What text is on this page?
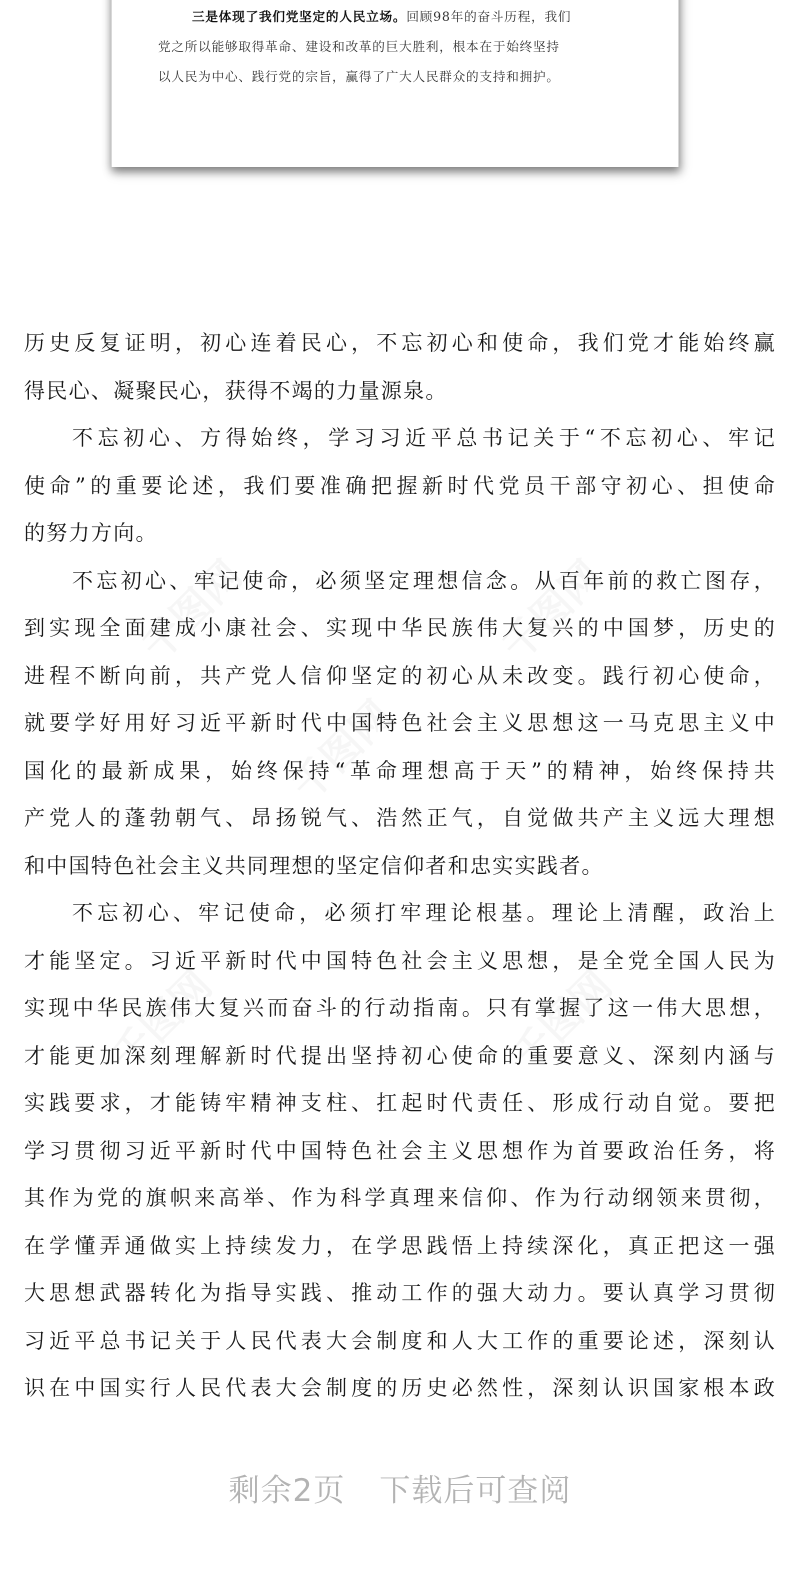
三是体现了我们党坚定的人民立场。回顾98年的奋斗历程，我们
党之所以能够取得革命、建设和改革的巨大胜利，根本在于始终坚持
以人民为中心、践行党的宗旨，赢得了广大人民群众的支持和拥护。
千图网	千图网
千图网
千图网	千图网
历史反复证明，初心连着民心，不忘初心和使命，我们党才能始终赢
得民心、凝聚民心，获得不竭的力量源泉。
不忘初心、方得始终，学习习近平总书记关于“不忘初心、牢记
使命”的重要论述，我们要准确把握新时代党员干部守初心、担使命
的努力方向。
不忘初心、牢记使命，必须坚定理想信念。从百年前的救亡图存，
到实现全面建成小康社会、实现中华民族伟大复兴的中国梦，历史的
进程不断向前，共产党人信仰坚定的初心从未改变。践行初心使命，
就要学好用好习近平新时代中国特色社会主义思想这一马克思主义中
国化的最新成果，始终保持“革命理想高于天”的精神，始终保持共
产党人的蓬勃朝气、昂扬锐气、浩然正气，自觉做共产主义远大理想
和中国特色社会主义共同理想的坚定信仰者和忠实实践者。
不忘初心、牢记使命，必须打牢理论根基。理论上清醒，政治上
才能坚定。习近平新时代中国特色社会主义思想，是全党全国人民为
实现中华民族伟大复兴而奋斗的行动指南。只有掌握了这一伟大思想，
才能更加深刻理解新时代提出坚持初心使命的重要意义、深刻内涵与
实践要求，才能铸牢精神支柱、扛起时代责任、形成行动自觉。要把
学习贯彻习近平新时代中国特色社会主义思想作为首要政治任务，将
其作为党的旗帜来高举、作为科学真理来信仰、作为行动纲领来贯彻，
在学懂弄通做实上持续发力，在学思践悟上持续深化，真正把这一强
大思想武器转化为指导实践、推动工作的强大动力。要认真学习贯彻
习近平总书记关于人民代表大会制度和人大工作的重要论述，深刻认
识在中国实行人民代表大会制度的历史必然性，深刻认识国家根本政
剩余2页 下载后可查阅
